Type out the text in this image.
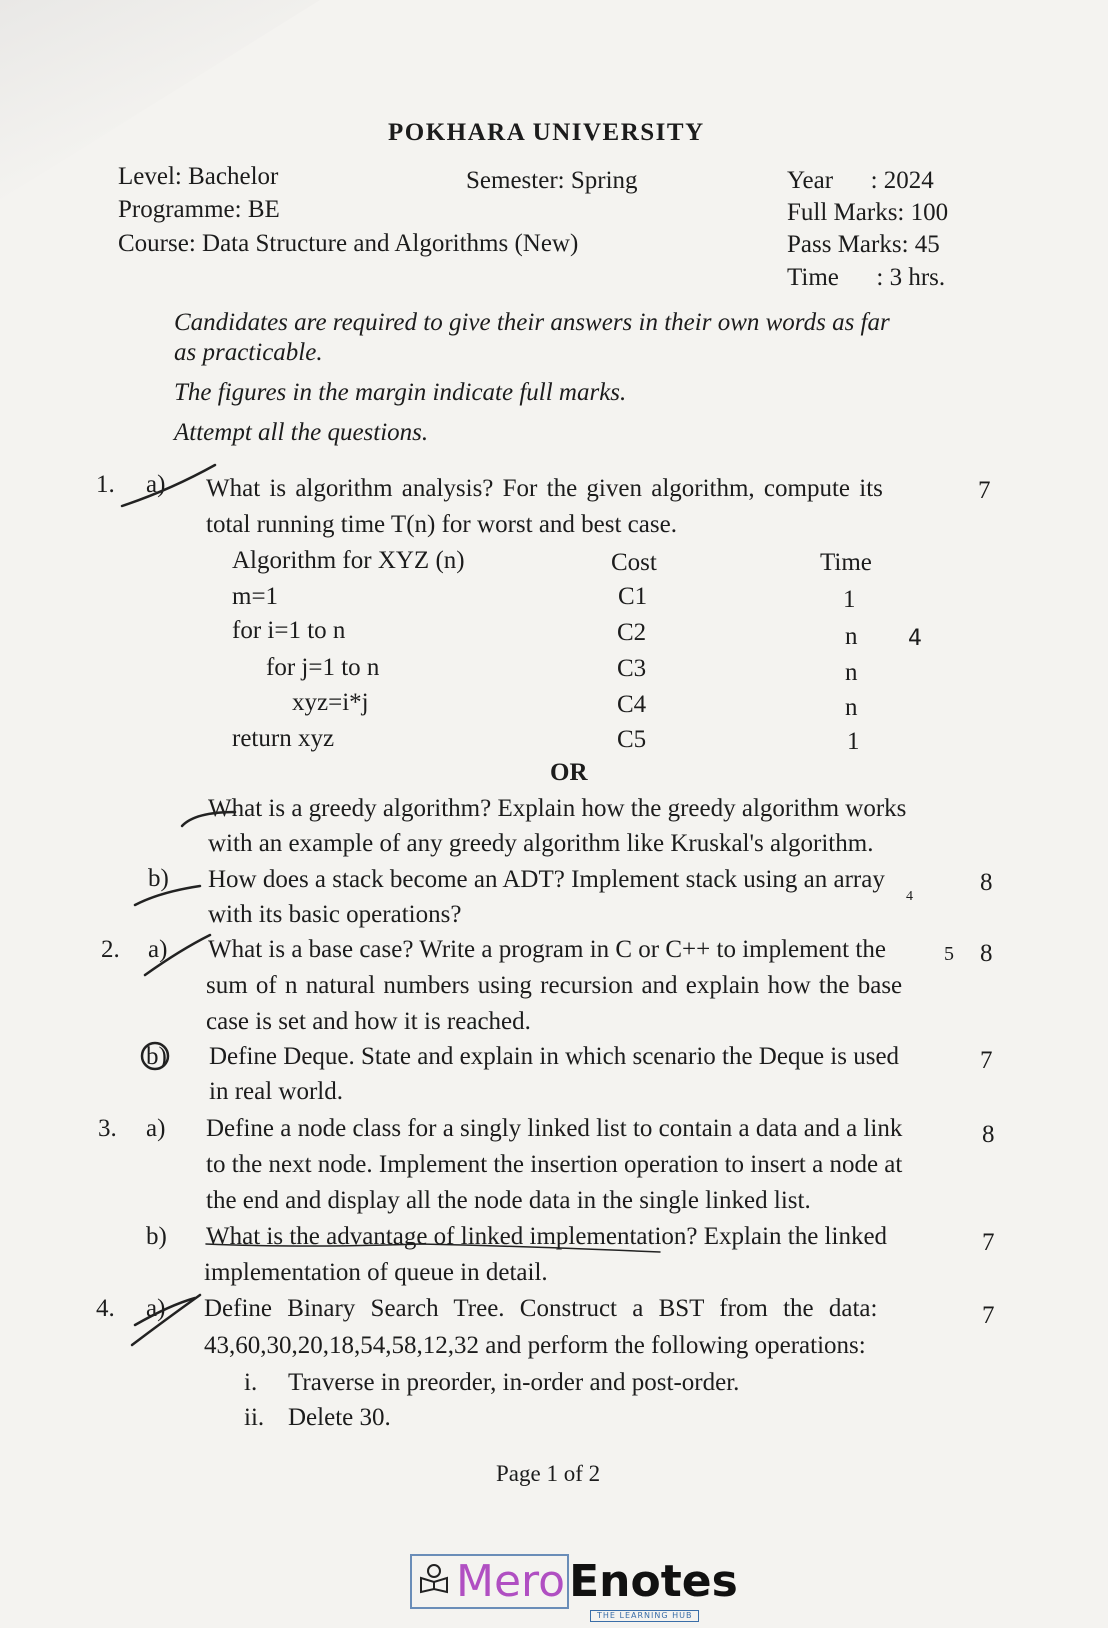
POKHARA UNIVERSITY
Level: Bachelor	Semester: Spring
Programme: BE
Course: Data Structure and Algorithms (New)
Year      : 2024
Full Marks: 100
Pass Marks: 45
Time      : 3 hrs.
Candidates are required to give their answers in their own words as far
as practicable.
The figures in the margin indicate full marks.
Attempt all the questions.
1. a) What is algorithm analysis? For the given algorithm, compute its
total running time T(n) for worst and best case.
7
Algorithm for XYZ (n)	Cost	Time
m=1	C1	1
for i=1 to n	C2	n
for j=1 to n	C3	n
xyz=i*j	C4	n
return xyz	C5	1
4
OR
What is a greedy algorithm? Explain how the greedy algorithm works
with an example of any greedy algorithm like Kruskal's algorithm.
b) How does a stack become an ADT? Implement stack using an array
with its basic operations?
8
2. a) What is a base case? Write a program in C or C++ to implement the
sum of n natural numbers using recursion and explain how the base
case is set and how it is reached.
8
5
b) Define Deque. State and explain in which scenario the Deque is used
in real world.
7
3. a) Define a node class for a singly linked list to contain a data and a link
to the next node. Implement the insertion operation to insert a node at
the end and display all the node data in the single linked list.
8
b) What is the advantage of linked implementation? Explain the linked
implementation of queue in detail.
7
4. a) Define Binary Search Tree. Construct a BST from the data:
43,60,30,20,18,54,58,12,32 and perform the following operations:
7
i. Traverse in preorder, in-order and post-order.
ii. Delete 30.
4
Page 1 of 2
MeroEnotes
THE LEARNING HUB
